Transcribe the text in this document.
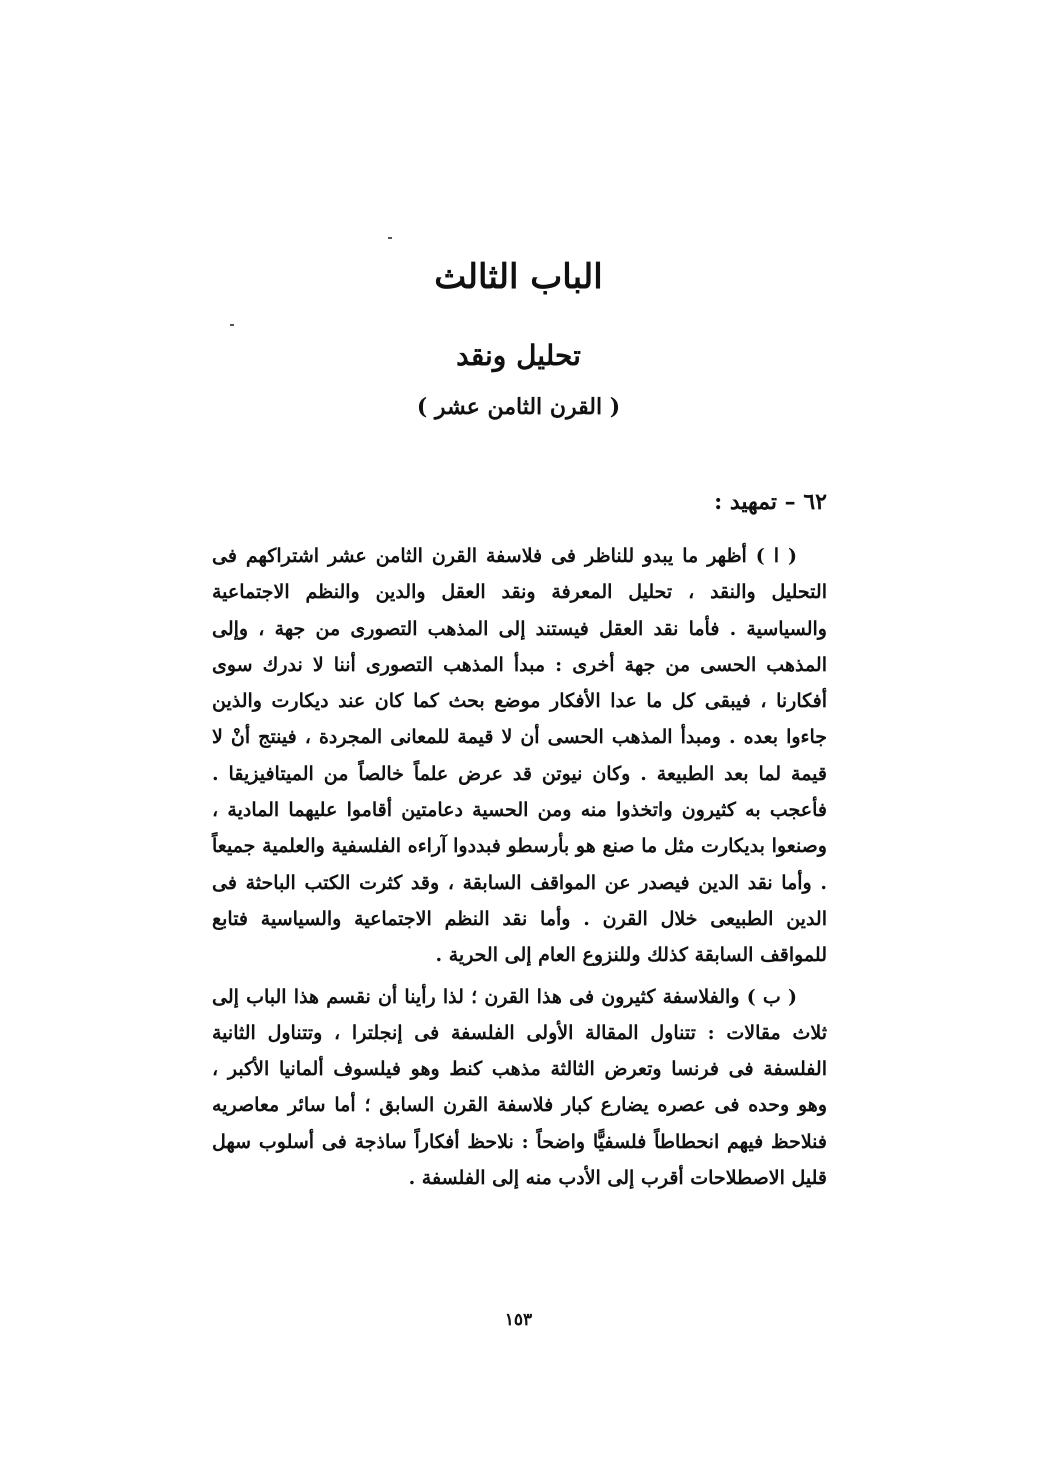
الباب الثالث
تحليل ونقد
( القرن الثامن عشر )
٦٢ – تمهيد :

( ا ) أظهر ما يبدو للناظر فى فلاسفة القرن الثامن عشر اشتراكهم فى التحليل والنقد ، تحليل المعرفة ونقد العقل والدين والنظم الاجتماعية والسياسية . فأما نقد العقل فيستند إلى المذهب التصورى من جهة ، وإلى المذهب الحسى من جهة أخرى : مبدأ المذهب التصورى أننا لا ندرك سوى أفكارنا ، فيبقى كل ما عدا الأفكار موضع بحث كما كان عند ديكارت والذين جاءوا بعده . ومبدأ المذهب الحسى أن لا قيمة للمعانى المجردة ، فينتج أنْ لا قيمة لما بعد الطبيعة . وكان نيوتن قد عرض علماً خالصاً من الميتافيزيقا . فأعجب به كثيرون واتخذوا منه ومن الحسية دعامتين أقاموا عليهما المادية ، وصنعوا بديكارت مثل ما صنع هو بأرسطو فبددوا آراءه الفلسفية والعلمية جميعاً . وأما نقد الدين فيصدر عن المواقف السابقة ، وقد كثرت الكتب الباحثة فى الدين الطبيعى خلال القرن . وأما نقد النظم الاجتماعية والسياسية فتابع للمواقف السابقة كذلك وللنزوع العام إلى الحرية .

( ب ) والفلاسفة كثيرون فى هذا القرن ؛ لذا رأينا أن نقسم هذا الباب إلى ثلاث مقالات : تتناول المقالة الأولى الفلسفة فى إنجلترا ، وتتناول الثانية الفلسفة فى فرنسا وتعرض الثالثة مذهب كنط وهو فيلسوف ألمانيا الأكبر ، وهو وحده فى عصره يضارع كبار فلاسفة القرن السابق ؛ أما سائر معاصريه فنلاحظ فيهم انحطاطاً فلسفيًّا واضحاً : نلاحظ أفكاراً ساذجة فى أسلوب سهل قليل الاصطلاحات أقرب إلى الأدب منه إلى الفلسفة .

١٥٣
